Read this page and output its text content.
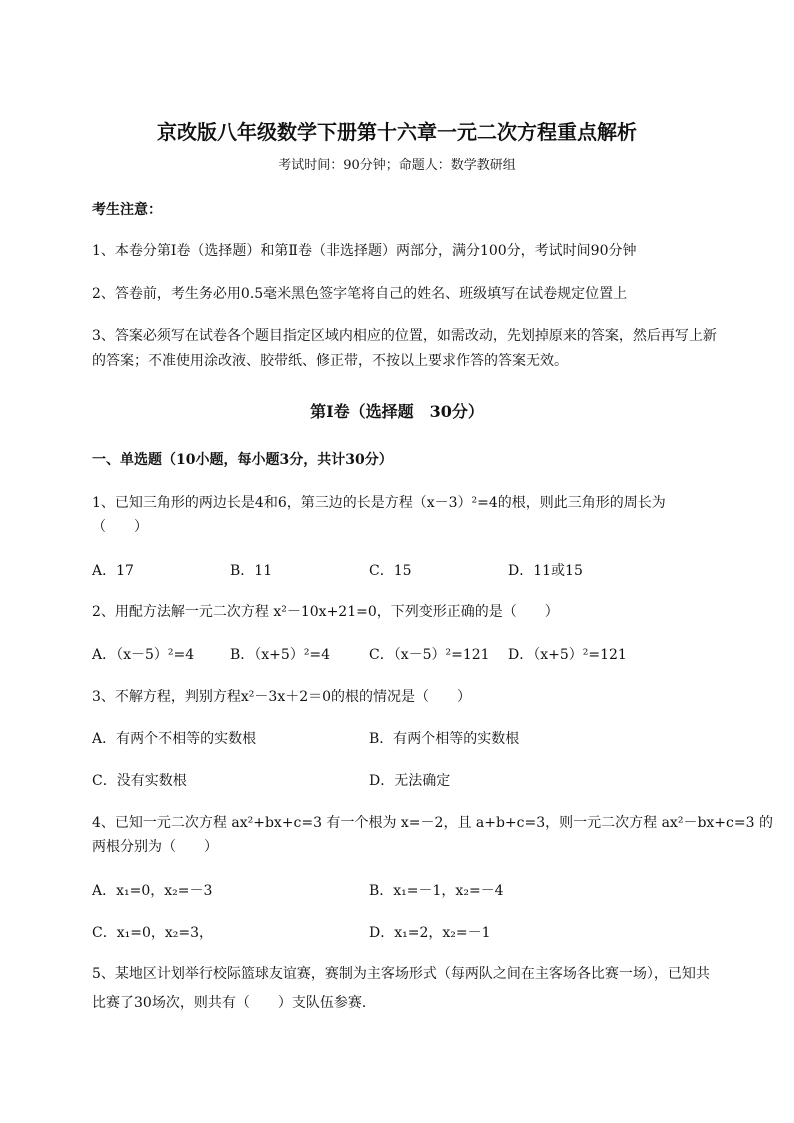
京改版八年级数学下册第十六章一元二次方程重点解析
考试时间：90分钟；命题人：数学教研组
考生注意：
1、本卷分第I卷（选择题）和第Ⅱ卷（非选择题）两部分，满分100分，考试时间90分钟
2、答卷前，考生务必用0.5毫米黑色签字笔将自己的姓名、班级填写在试卷规定位置上
3、答案必须写在试卷各个题目指定区域内相应的位置，如需改动，先划掉原来的答案，然后再写上新
的答案；不准使用涂改液、胶带纸、修正带，不按以上要求作答的答案无效。
第I卷（选择题　30分）
一、单选题（10小题，每小题3分，共计30分）
1、已知三角形的两边长是4和6，第三边的长是方程（x－3）²=4的根，则此三角形的周长为
（　　）
A．17	B．11	C．15	D．11或15
2、用配方法解一元二次方程 x²－10x+21=0，下列变形正确的是（　　）
A．（x－5）²=4	B．（x+5）²=4	C．（x－5）²=121 D．（x+5）²=121
3、不解方程，判别方程x²－3x＋2＝0的根的情况是（　　）
A．有两个不相等的实数根	B．有两个相等的实数根
C．没有实数根	D．无法确定
4、已知一元二次方程 ax²+bx+c=3 有一个根为 x=－2，且 a+b+c=3，则一元二次方程 ax²－bx+c=3 的
两根分别为（　　）
A．x₁=0，x₂=－3	B．x₁=－1，x₂=－4
C．x₁=0，x₂=3，	D．x₁=2，x₂=－1
5、某地区计划举行校际篮球友谊赛，赛制为主客场形式（每两队之间在主客场各比赛一场），已知共
比赛了30场次，则共有（　　）支队伍参赛．
